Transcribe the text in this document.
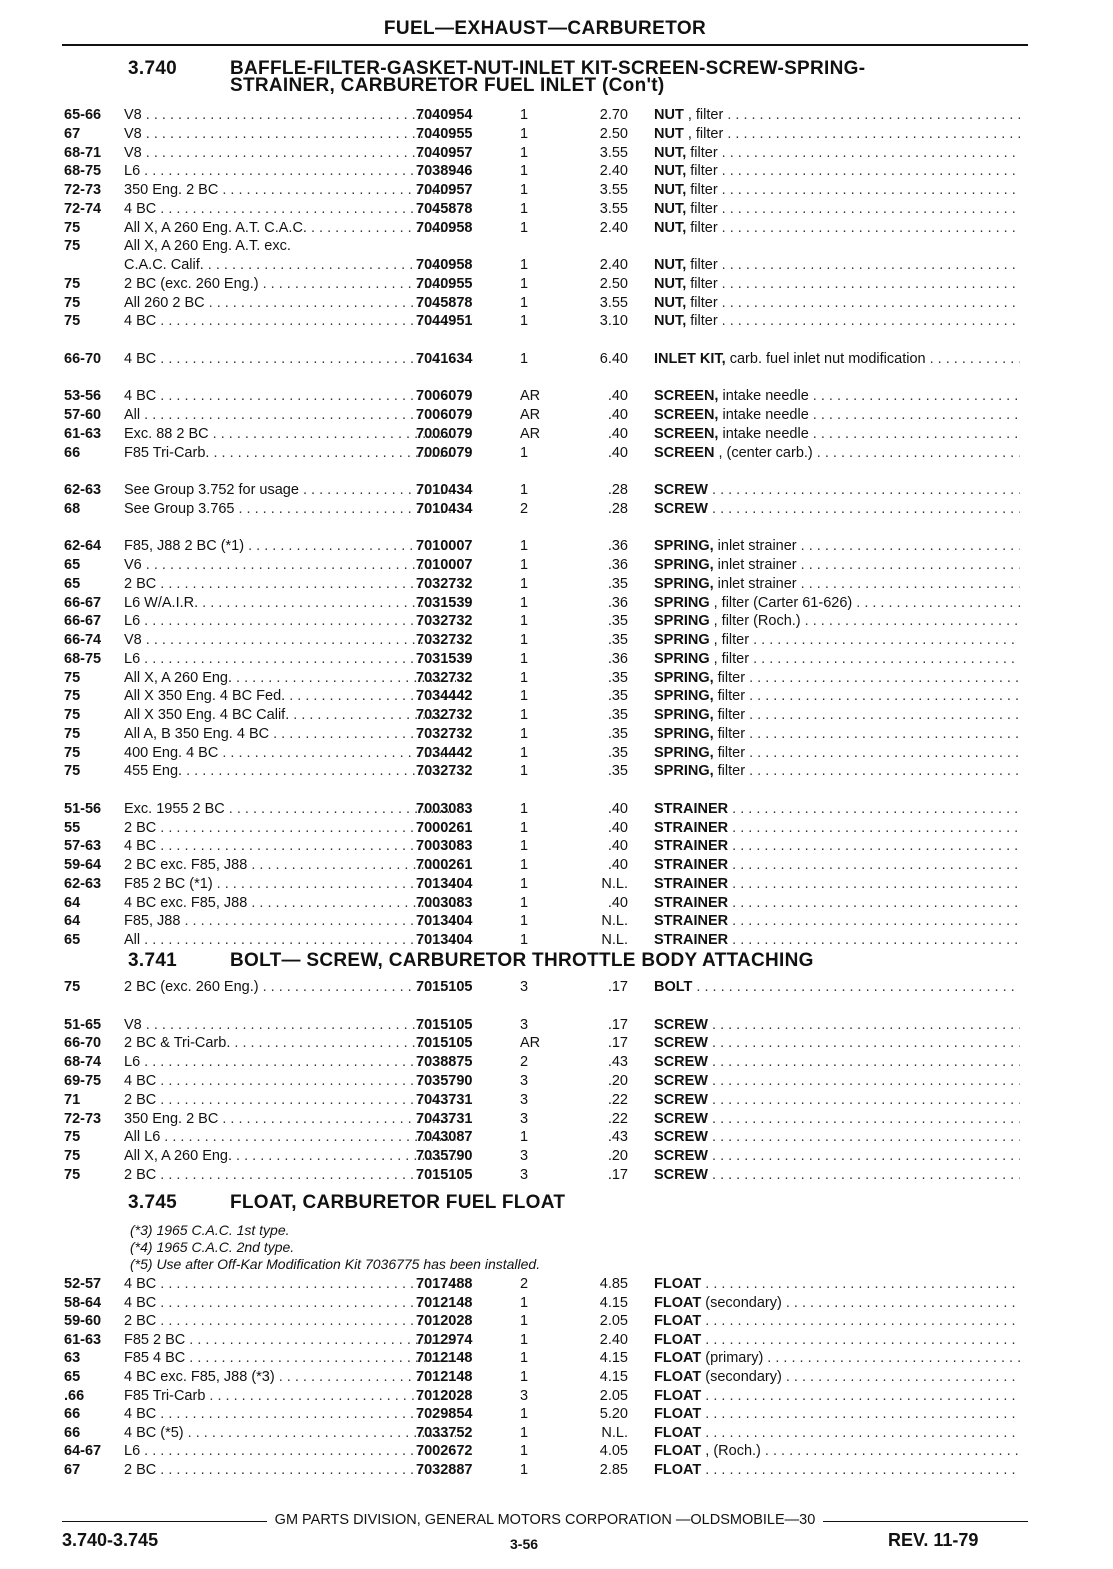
FUEL—EXHAUST—CARBURETOR
3.740	BAFFLE-FILTER-GASKET-NUT-INLET KIT-SCREEN-SCREW-SPRING-
STRAINER, CARBURETOR FUEL INLET (Con't)
65-66	V8 . . .	7040954	1	2.70 NUT , filter . . .
67	V8 . . .	7040955	1	2.50 NUT , filter . . .
68-71	V8 . . .	7040957	1	3.55 NUT, filter . . .
68-75	L6 . . .	7038946	1	2.40 NUT, filter . . .
72-73	350 Eng. 2 BC . . .	7040957	1	3.55 NUT, filter . . .
72-74	4 BC . . .	7045878	1	3.55 NUT, filter . . .
75	All X, A 260 Eng. A.T. C.A.C. . . .	7040958	1	2.40 NUT, filter . . .
75	All X, A 260 Eng. A.T. exc.
C.A.C. Calif. . . .	7040958	1	2.40 NUT, filter . . .
75	2 BC (exc. 260 Eng.) . . .	7040955	1	2.50 NUT, filter . . .
75	All 260 2 BC . . .	7045878	1	3.55 NUT, filter . . .
75	4 BC . . .	7044951	1	3.10 NUT, filter . . .
66-70	4 BC . . .	7041634	1	6.40 INLET KIT, carb. fuel inlet nut modification . . .
53-56	4 BC . . .	7006079	AR	.40 SCREEN, intake needle . . .
57-60	All . . .	7006079	AR	.40 SCREEN, intake needle . . .
61-63	Exc. 88 2 BC . . .	7006079	AR	.40 SCREEN, intake needle . . .
66	F85 Tri-Carb. . . .	7006079	1	.40 SCREEN , (center carb.) . . .
62-63	See Group 3.752 for usage . . .	7010434	1	.28 SCREW . . .
68	See Group 3.765 . . .	7010434	2	.28 SCREW . . .
62-64	F85, J88 2 BC (*1) . . .	7010007	1	.36 SPRING, inlet strainer . . .
65	V6 . . .	7010007	1	.36 SPRING, inlet strainer . . .
65	2 BC . . .	7032732	1	.35 SPRING, inlet strainer . . .
66-67	L6 W/A.I.R. . . .	7031539	1	.36 SPRING , filter (Carter 61-626) . . .
66-67	L6 . . .	7032732	1	.35 SPRING , filter (Roch.) . . .
66-74	V8 . . .	7032732	1	.35 SPRING , filter . . .
68-75	L6 . . .	7031539	1	.36 SPRING , filter . . .
75	All X, A 260 Eng. . . .	7032732	1	.35 SPRING, filter . . .
75	All X 350 Eng. 4 BC Fed. . . .	7034442	1	.35 SPRING, filter . . .
75	All X 350 Eng. 4 BC Calif. . . .	7032732	1	.35 SPRING, filter . . .
75	All A, B 350 Eng. 4 BC . . .	7032732	1	.35 SPRING, filter . . .
75	400 Eng. 4 BC . . .	7034442	1	.35 SPRING, filter . . .
75	455 Eng. . . .	7032732	1	.35 SPRING, filter . . .
51-56	Exc. 1955 2 BC . . .	7003083	1	.40 STRAINER . . .
55	2 BC . . .	7000261	1	.40 STRAINER . . .
57-63	4 BC . . .	7003083	1	.40 STRAINER . . .
59-64	2 BC exc. F85, J88 . . .	7000261	1	.40 STRAINER . . .
62-63	F85 2 BC (*1) . . .	7013404	1	N.L. STRAINER . . .
64	4 BC exc. F85, J88 . . .	7003083	1	.40 STRAINER . . .
64	F85, J88 . . .	7013404	1	N.L. STRAINER . . .
65	All . . .	7013404	1	N.L. STRAINER . . .
3.741	BOLT— SCREW, CARBURETOR THROTTLE BODY ATTACHING
75	2 BC (exc. 260 Eng.) . . .	7015105	3	.17 BOLT . . .
51-65	V8 . . .	7015105	3	.17 SCREW . . .
66-70	2 BC & Tri-Carb. . . .	7015105	AR	.17 SCREW . . .
68-74	L6 . . .	7038875	2	.43 SCREW . . .
69-75	4 BC . . .	7035790	3	.20 SCREW . . .
71	2 BC . . .	7043731	3	.22 SCREW . . .
72-73	350 Eng. 2 BC . . .	7043731	3	.22 SCREW . . .
75	All L6 . . .	7043087	1	.43 SCREW . . .
75	All X, A 260 Eng. . . .	7035790	3	.20 SCREW . . .
75	2 BC . . .	7015105	3	.17 SCREW . . .
3.745	FLOAT, CARBURETOR FUEL FLOAT
(*3) 1965 C.A.C. 1st type.
(*4) 1965 C.A.C. 2nd type.
(*5) Use after Off-Kar Modification Kit 7036775 has been installed.
52-57	4 BC . . .	7017488	2	4.85 FLOAT . . .
58-64	4 BC . . .	7012148	1	4.15 FLOAT (secondary) . . .
59-60	2 BC . . .	7012028	1	2.05 FLOAT . . .
61-63	F85 2 BC . . .	7012974	1	2.40 FLOAT . . .
63	F85 4 BC . . .	7012148	1	4.15 FLOAT (primary) . . .
65	4 BC exc. F85, J88 (*3) . . .	7012148	1	4.15 FLOAT (secondary) . . .
.66	F85 Tri-Carb . . .	7012028	3	2.05 FLOAT . . .
66	4 BC . . .	7029854	1	5.20 FLOAT . . .
66	4 BC (*5) . . .	7033752	1	N.L. FLOAT . . .
64-67	L6 . . .	7002672	1	4.05 FLOAT , (Roch.) . . .
67	2 BC . . .	7032887	1	2.85 FLOAT . . .
GM PARTS DIVISION, GENERAL MOTORS CORPORATION —OLDSMOBILE—30
3.740-3.745	3-56	REV. 11-79
